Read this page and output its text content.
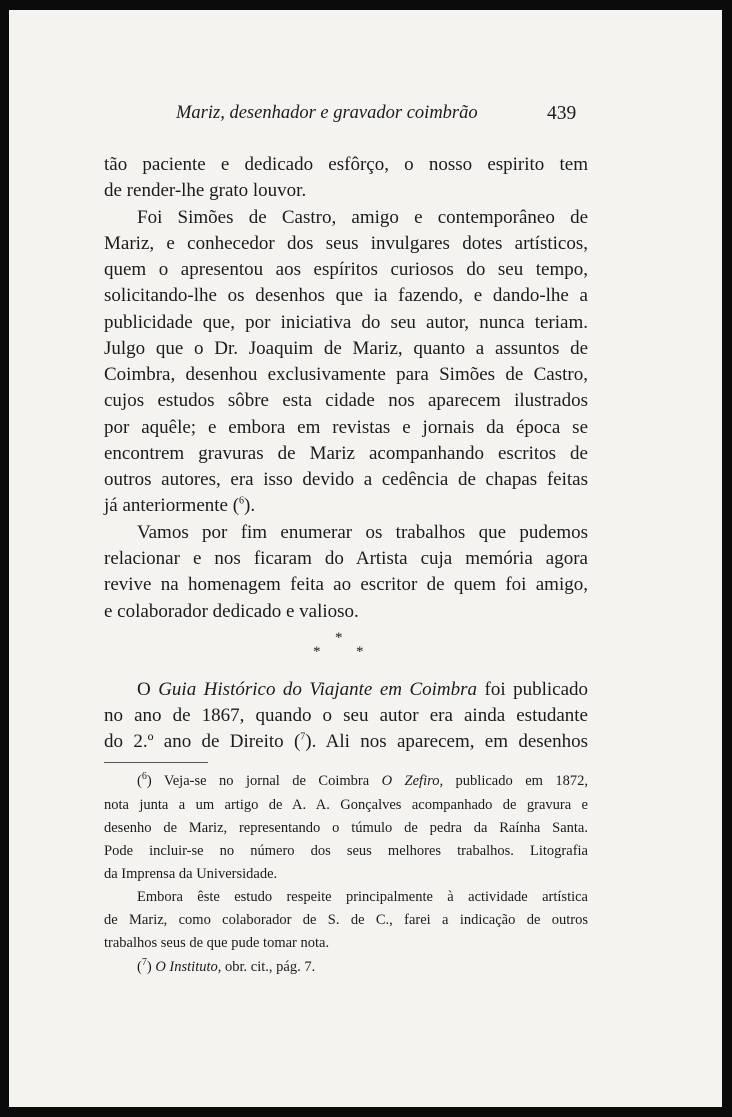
Mariz, desenhador e gravador coimbrão	439
tão paciente e dedicado esfôrço, o nosso espirito tem
de render-lhe grato louvor.
Foi Simões de Castro, amigo e contemporâneo de
Mariz, e conhecedor dos seus invulgares dotes artísticos,
quem o apresentou aos espíritos curiosos do seu tempo,
solicitando-lhe os desenhos que ia fazendo, e dando-lhe a
publicidade que, por iniciativa do seu autor, nunca teriam.
Julgo que o Dr. Joaquim de Mariz, quanto a assuntos de
Coimbra, desenhou exclusivamente para Simões de Castro,
cujos estudos sôbre esta cidade nos aparecem ilustrados
por aquêle; e embora em revistas e jornais da época se
encontrem gravuras de Mariz acompanhando escritos de
outros autores, era isso devido a cedência de chapas feitas
já anteriormente ($^6$).
Vamos por fim enumerar os trabalhos que pudemos
relacionar e nos ficaram do Artista cuja memória agora
revive na homenagem feita ao escritor de quem foi amigo,
e colaborador dedicado e valioso.
*
* *
O Guia Histórico do Viajante em Coimbra foi publicado
no ano de 1867, quando o seu autor era ainda estudante
do 2.º ano de Direito ($^7$). Ali nos aparecem, em desenhos
($^6$) Veja-se no jornal de Coimbra O Zefiro, publicado em 1872,
nota junta a um artigo de A. A. Gonçalves acompanhado de gravura e
desenho de Mariz, representando o túmulo de pedra da Raínha Santa.
Pode incluir-se no número dos seus melhores trabalhos. Litografia
da Imprensa da Universidade.
Embora êste estudo respeite principalmente à actividade artística
de Mariz, como colaborador de S. de C., farei a indicação de outros
trabalhos seus de que pude tomar nota.
($^7$) O Instituto, obr. cit., pág. 7.
